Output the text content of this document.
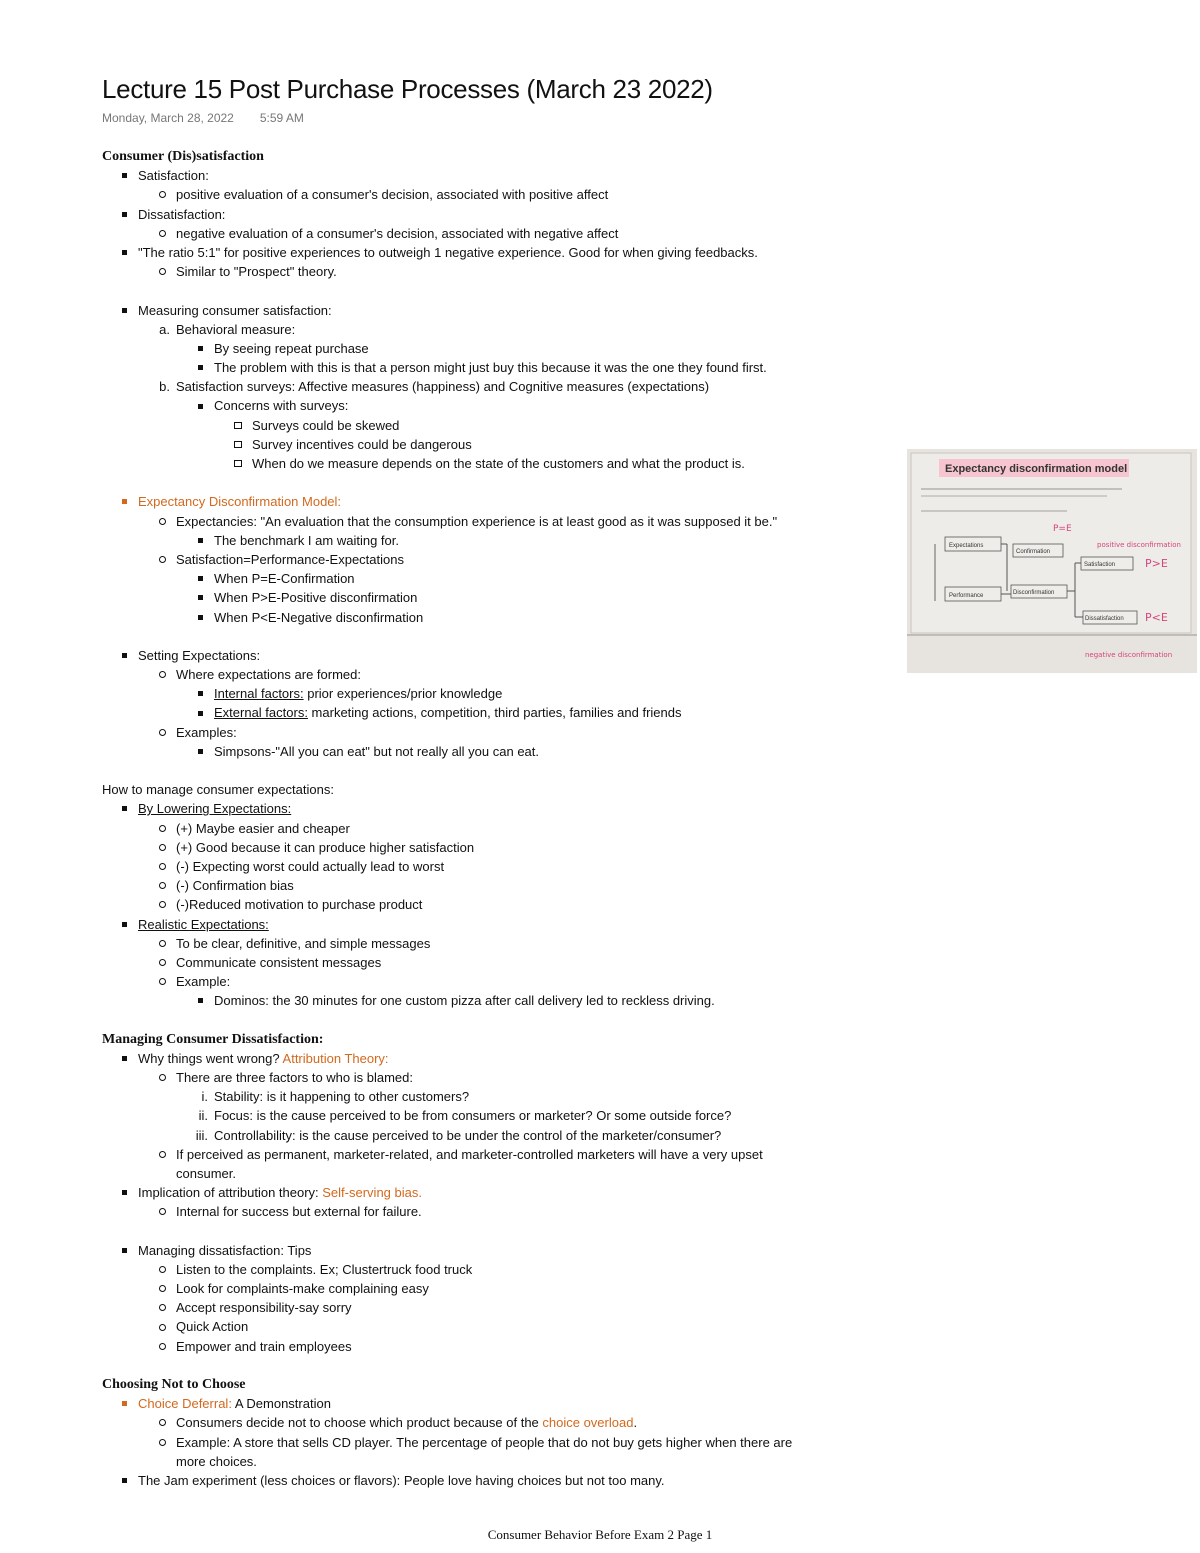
Lecture 15 Post Purchase Processes (March 23 2022)
Monday, March 28, 2022 5:59 AM
Consumer (Dis)satisfaction
Satisfaction:
positive evaluation of a consumer's decision, associated with positive affect
Dissatisfaction:
negative evaluation of a consumer's decision, associated with negative affect
"The ratio 5:1" for positive experiences to outweigh 1 negative experience. Good for when giving feedbacks.
Similar to "Prospect" theory.
Measuring consumer satisfaction:
a. Behavioral measure:
By seeing repeat purchase
The problem with this is that a person might just buy this because it was the one they found first.
b. Satisfaction surveys: Affective measures (happiness) and Cognitive measures (expectations)
Concerns with surveys:
Surveys could be skewed
Survey incentives could be dangerous
When do we measure depends on the state of the customers and what the product is.
Expectancy Disconfirmation Model:
Expectancies: "An evaluation that the consumption experience is at least good as it was supposed it be."
The benchmark I am waiting for.
Satisfaction=Performance-Expectations
When P=E-Confirmation
When P>E-Positive disconfirmation
When P<E-Negative disconfirmation
Setting Expectations:
Where expectations are formed:
Internal factors: prior experiences/prior knowledge
External factors: marketing actions, competition, third parties, families and friends
Examples:
Simpsons-"All you can eat" but not really all you can eat.
How to manage consumer expectations:
By Lowering Expectations:
(+) Maybe easier and cheaper
(+) Good because it can produce higher satisfaction
(-) Expecting worst could actually lead to worst
(-) Confirmation bias
(-)Reduced motivation to purchase product
Realistic Expectations:
To be clear, definitive, and simple messages
Communicate consistent messages
Example:
Dominos: the 30 minutes for one custom pizza after call delivery led to reckless driving.
Managing Consumer Dissatisfaction:
Why things went wrong? Attribution Theory:
There are three factors to who is blamed:
i. Stability: is it happening to other customers?
ii. Focus: is the cause perceived to be from consumers or marketer? Or some outside force?
iii. Controllability: is the cause perceived to be under the control of the marketer/consumer?
If perceived as permanent, marketer-related, and marketer-controlled marketers will have a very upset
consumer.
Implication of attribution theory: Self-serving bias.
Internal for success but external for failure.
Managing dissatisfaction: Tips
Listen to the complaints. Ex; Clustertruck food truck
Look for complaints-make complaining easy
Accept responsibility-say sorry
Quick Action
Empower and train employees
Choosing Not to Choose
Choice Deferral: A Demonstration
Consumers decide not to choose which product because of the choice overload.
Example: A store that sells CD player. The percentage of people that do not buy gets higher when there are
more choices.
The Jam experiment (less choices or flavors): People love having choices but not too many.
Expectancy disconfirmation model
Expectations
Confirmation
Satisfaction
Performance	Disconfirmation
Dissatisfaction
P=E
positive disconfirmation
P>E
P<E
negative disconfirmation
Consumer Behavior Before Exam 2 Page 1
